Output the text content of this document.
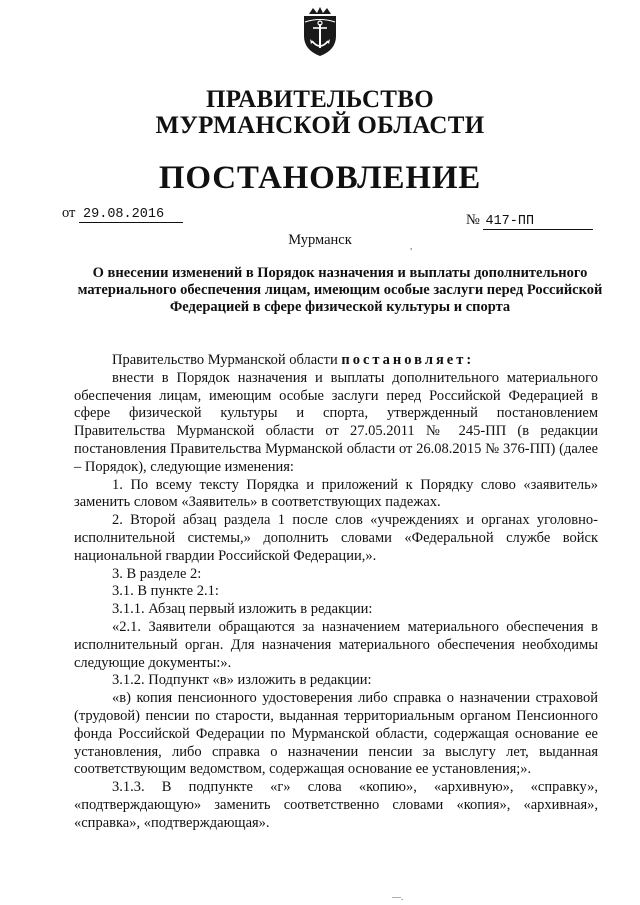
ПРАВИТЕЛЬСТВО
МУРМАНСКОЙ ОБЛАСТИ
ПОСТАНОВЛЕНИЕ
от 29.08.2016	№ 417-ПП
Мурманск	,
О внесении изменений в Порядок назначения и выплаты дополнительного материального обеспечения лицам, имеющим особые заслуги перед Российской Федерацией в сфере физической культуры и спорта

Правительство Мурманской области постановляет:

внести в Порядок назначения и выплаты дополнительного материального обеспечения лицам, имеющим особые заслуги перед Российской Федерацией в сфере физической культуры и спорта, утвержденный постановлением Правительства Мурманской области от 27.05.2011 № 245-ПП (в редакции постановления Правительства Мурманской области от 26.08.2015 № 376-ПП) (далее – Порядок), следующие изменения:

1. По всему тексту Порядка и приложений к Порядку слово «заявитель» заменить словом «Заявитель» в соответствующих падежах.

2. Второй абзац раздела 1 после слов «учреждениях и органах уголовно-исполнительной системы,» дополнить словами «Федеральной службе войск национальной гвардии Российской Федерации,».

3. В разделе 2:

3.1. В пункте 2.1:

3.1.1. Абзац первый изложить в редакции:

«2.1. Заявители обращаются за назначением материального обеспечения в исполнительный орган. Для назначения материального обеспечения необходимы следующие документы:».

3.1.2. Подпункт «в» изложить в редакции:

«в) копия пенсионного удостоверения либо справка о назначении страховой (трудовой) пенсии по старости, выданная территориальным органом Пенсионного фонда Российской Федерации по Мурманской области, содержащая основание ее установления, либо справка о назначении пенсии за выслугу лет, выданная соответствующим ведомством, содержащая основание ее установления;».

3.1.3. В подпункте «г» слова «копию», «архивную», «справку», «подтверждающую» заменить соответственно словами «копия», «архивная», «справка», «подтверждающая».

—.
